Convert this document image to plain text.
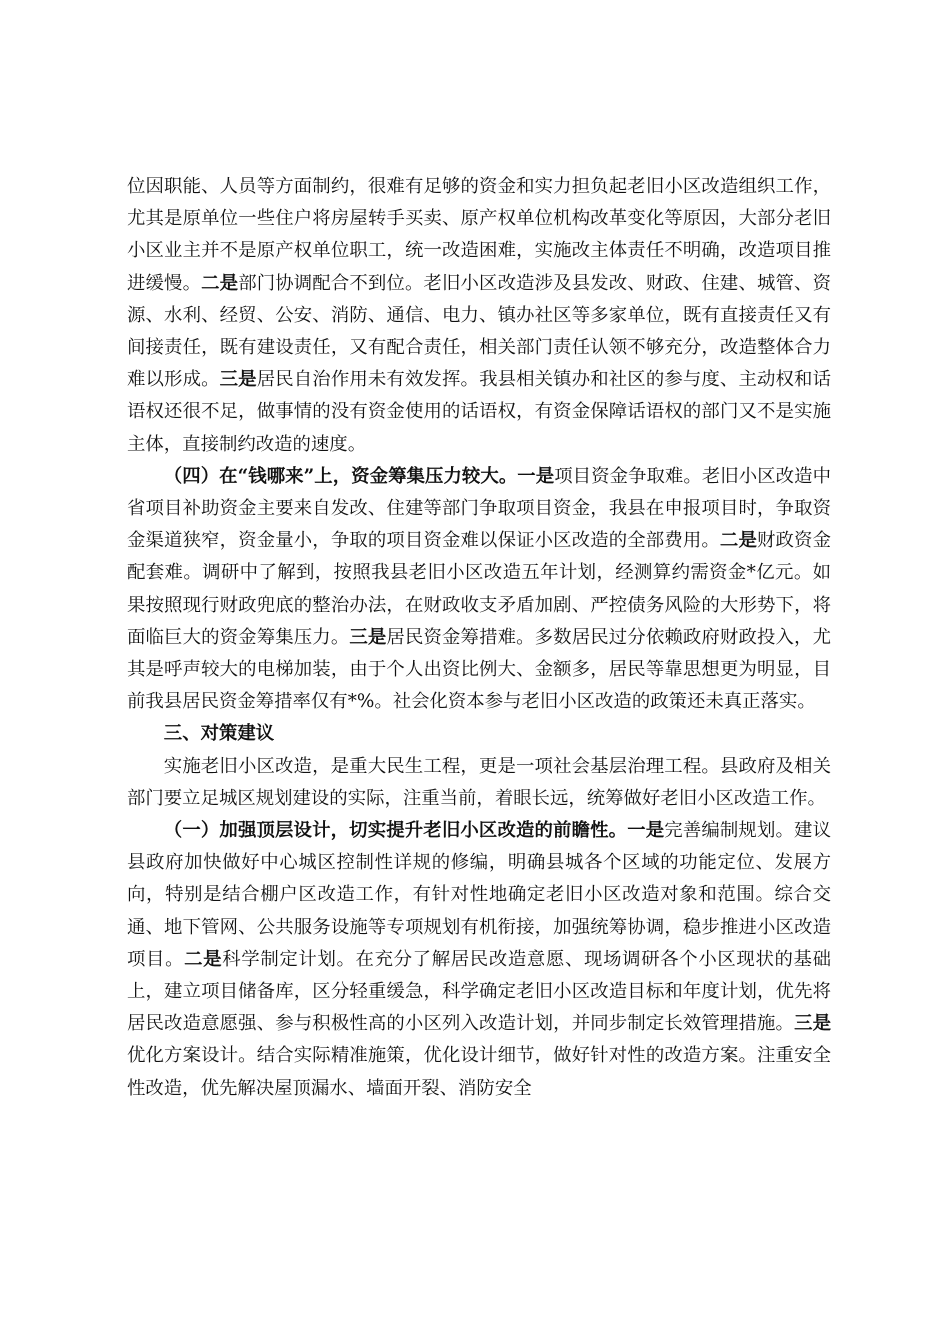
位因职能、人员等方面制约，很难有足够的资金和实力担负起老旧小区改造组织工作，尤其是原单位一些住户将房屋转手买卖、原产权单位机构改革变化等原因，大部分老旧小区业主并不是原产权单位职工，统一改造困难，实施改主体责任不明确，改造项目推进缓慢。二是部门协调配合不到位。老旧小区改造涉及县发改、财政、住建、城管、资源、水利、经贸、公安、消防、通信、电力、镇办社区等多家单位，既有直接责任又有间接责任，既有建设责任，又有配合责任，相关部门责任认领不够充分，改造整体合力难以形成。三是居民自治作用未有效发挥。我县相关镇办和社区的参与度、主动权和话语权还很不足，做事情的没有资金使用的话语权，有资金保障话语权的部门又不是实施主体，直接制约改造的速度。

（四）在“钱哪来”上，资金筹集压力较大。一是项目资金争取难。老旧小区改造中省项目补助资金主要来自发改、住建等部门争取项目资金，我县在申报项目时，争取资金渠道狭窄，资金量小，争取的项目资金难以保证小区改造的全部费用。二是财政资金配套难。调研中了解到，按照我县老旧小区改造五年计划，经测算约需资金*亿元。如果按照现行财政兜底的整治办法，在财政收支矛盾加剧、严控债务风险的大形势下，将面临巨大的资金筹集压力。三是居民资金筹措难。多数居民过分依赖政府财政投入，尤其是呼声较大的电梯加装，由于个人出资比例大、金额多，居民等靠思想更为明显，目前我县居民资金筹措率仅有*%。社会化资本参与老旧小区改造的政策还未真正落实。

三、对策建议

实施老旧小区改造，是重大民生工程，更是一项社会基层治理工程。县政府及相关部门要立足城区规划建设的实际，注重当前，着眼长远，统筹做好老旧小区改造工作。

（一）加强顶层设计，切实提升老旧小区改造的前瞻性。一是完善编制规划。建议县政府加快做好中心城区控制性详规的修编，明确县城各个区域的功能定位、发展方向，特别是结合棚户区改造工作，有针对性地确定老旧小区改造对象和范围。综合交通、地下管网、公共服务设施等专项规划有机衔接，加强统筹协调，稳步推进小区改造项目。二是科学制定计划。在充分了解居民改造意愿、现场调研各个小区现状的基础上，建立项目储备库，区分轻重缓急，科学确定老旧小区改造目标和年度计划，优先将居民改造意愿强、参与积极性高的小区列入改造计划，并同步制定长效管理措施。三是优化方案设计。结合实际精准施策，优化设计细节，做好针对性的改造方案。注重安全性改造，优先解决屋顶漏水、墙面开裂、消防安全
